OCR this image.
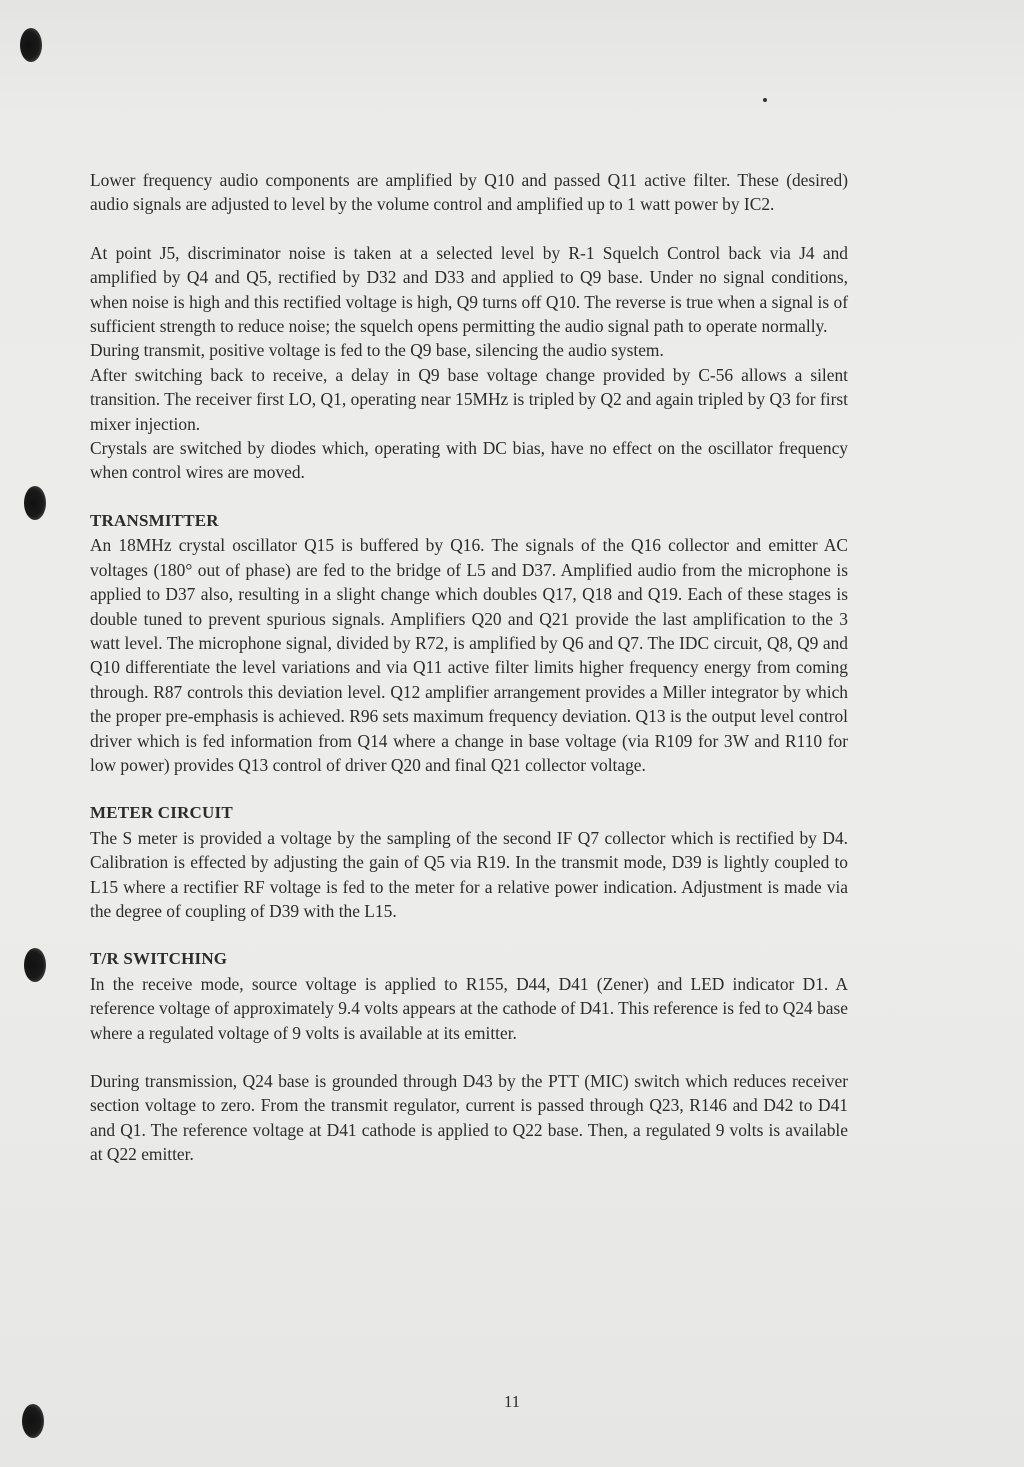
Lower frequency audio components are amplified by Q10 and passed Q11 active filter. These (desired) audio signals are adjusted to level by the volume control and amplified up to 1 watt power by IC2.

At point J5, discriminator noise is taken at a selected level by R-1 Squelch Control back via J4 and amplified by Q4 and Q5, rectified by D32 and D33 and applied to Q9 base. Under no signal conditions, when noise is high and this rectified voltage is high, Q9 turns off Q10. The reverse is true when a signal is of sufficient strength to reduce noise; the squelch opens permitting the audio signal path to operate normally.

During transmit, positive voltage is fed to the Q9 base, silencing the audio system.

After switching back to receive, a delay in Q9 base voltage change provided by C-56 allows a silent transition. The receiver first LO, Q1, operating near 15MHz is tripled by Q2 and again tripled by Q3 for first mixer injection.

Crystals are switched by diodes which, operating with DC bias, have no effect on the oscillator frequency when control wires are moved.

TRANSMITTER

An 18MHz crystal oscillator Q15 is buffered by Q16. The signals of the Q16 collector and emitter AC voltages (180° out of phase) are fed to the bridge of L5 and D37. Amplified audio from the microphone is applied to D37 also, resulting in a slight change which doubles Q17, Q18 and Q19. Each of these stages is double tuned to prevent spurious signals. Amplifiers Q20 and Q21 provide the last amplification to the 3 watt level. The microphone signal, divided by R72, is amplified by Q6 and Q7. The IDC circuit, Q8, Q9 and Q10 differentiate the level variations and via Q11 active filter limits higher frequency energy from coming through. R87 controls this deviation level. Q12 amplifier arrangement provides a Miller integrator by which the proper pre-emphasis is achieved. R96 sets maximum frequency deviation. Q13 is the output level control driver which is fed information from Q14 where a change in base voltage (via R109 for 3W and R110 for low power) provides Q13 control of driver Q20 and final Q21 collector voltage.

METER CIRCUIT

The S meter is provided a voltage by the sampling of the second IF Q7 collector which is rectified by D4. Calibration is effected by adjusting the gain of Q5 via R19. In the transmit mode, D39 is lightly coupled to L15 where a rectifier RF voltage is fed to the meter for a relative power indication. Adjustment is made via the degree of coupling of D39 with the L15.

T/R SWITCHING

In the receive mode, source voltage is applied to R155, D44, D41 (Zener) and LED indicator D1. A reference voltage of approximately 9.4 volts appears at the cathode of D41. This reference is fed to Q24 base where a regulated voltage of 9 volts is available at its emitter.

During transmission, Q24 base is grounded through D43 by the PTT (MIC) switch which reduces receiver section voltage to zero. From the transmit regulator, current is passed through Q23, R146 and D42 to D41 and Q1. The reference voltage at D41 cathode is applied to Q22 base. Then, a regulated 9 volts is available at Q22 emitter.

11
